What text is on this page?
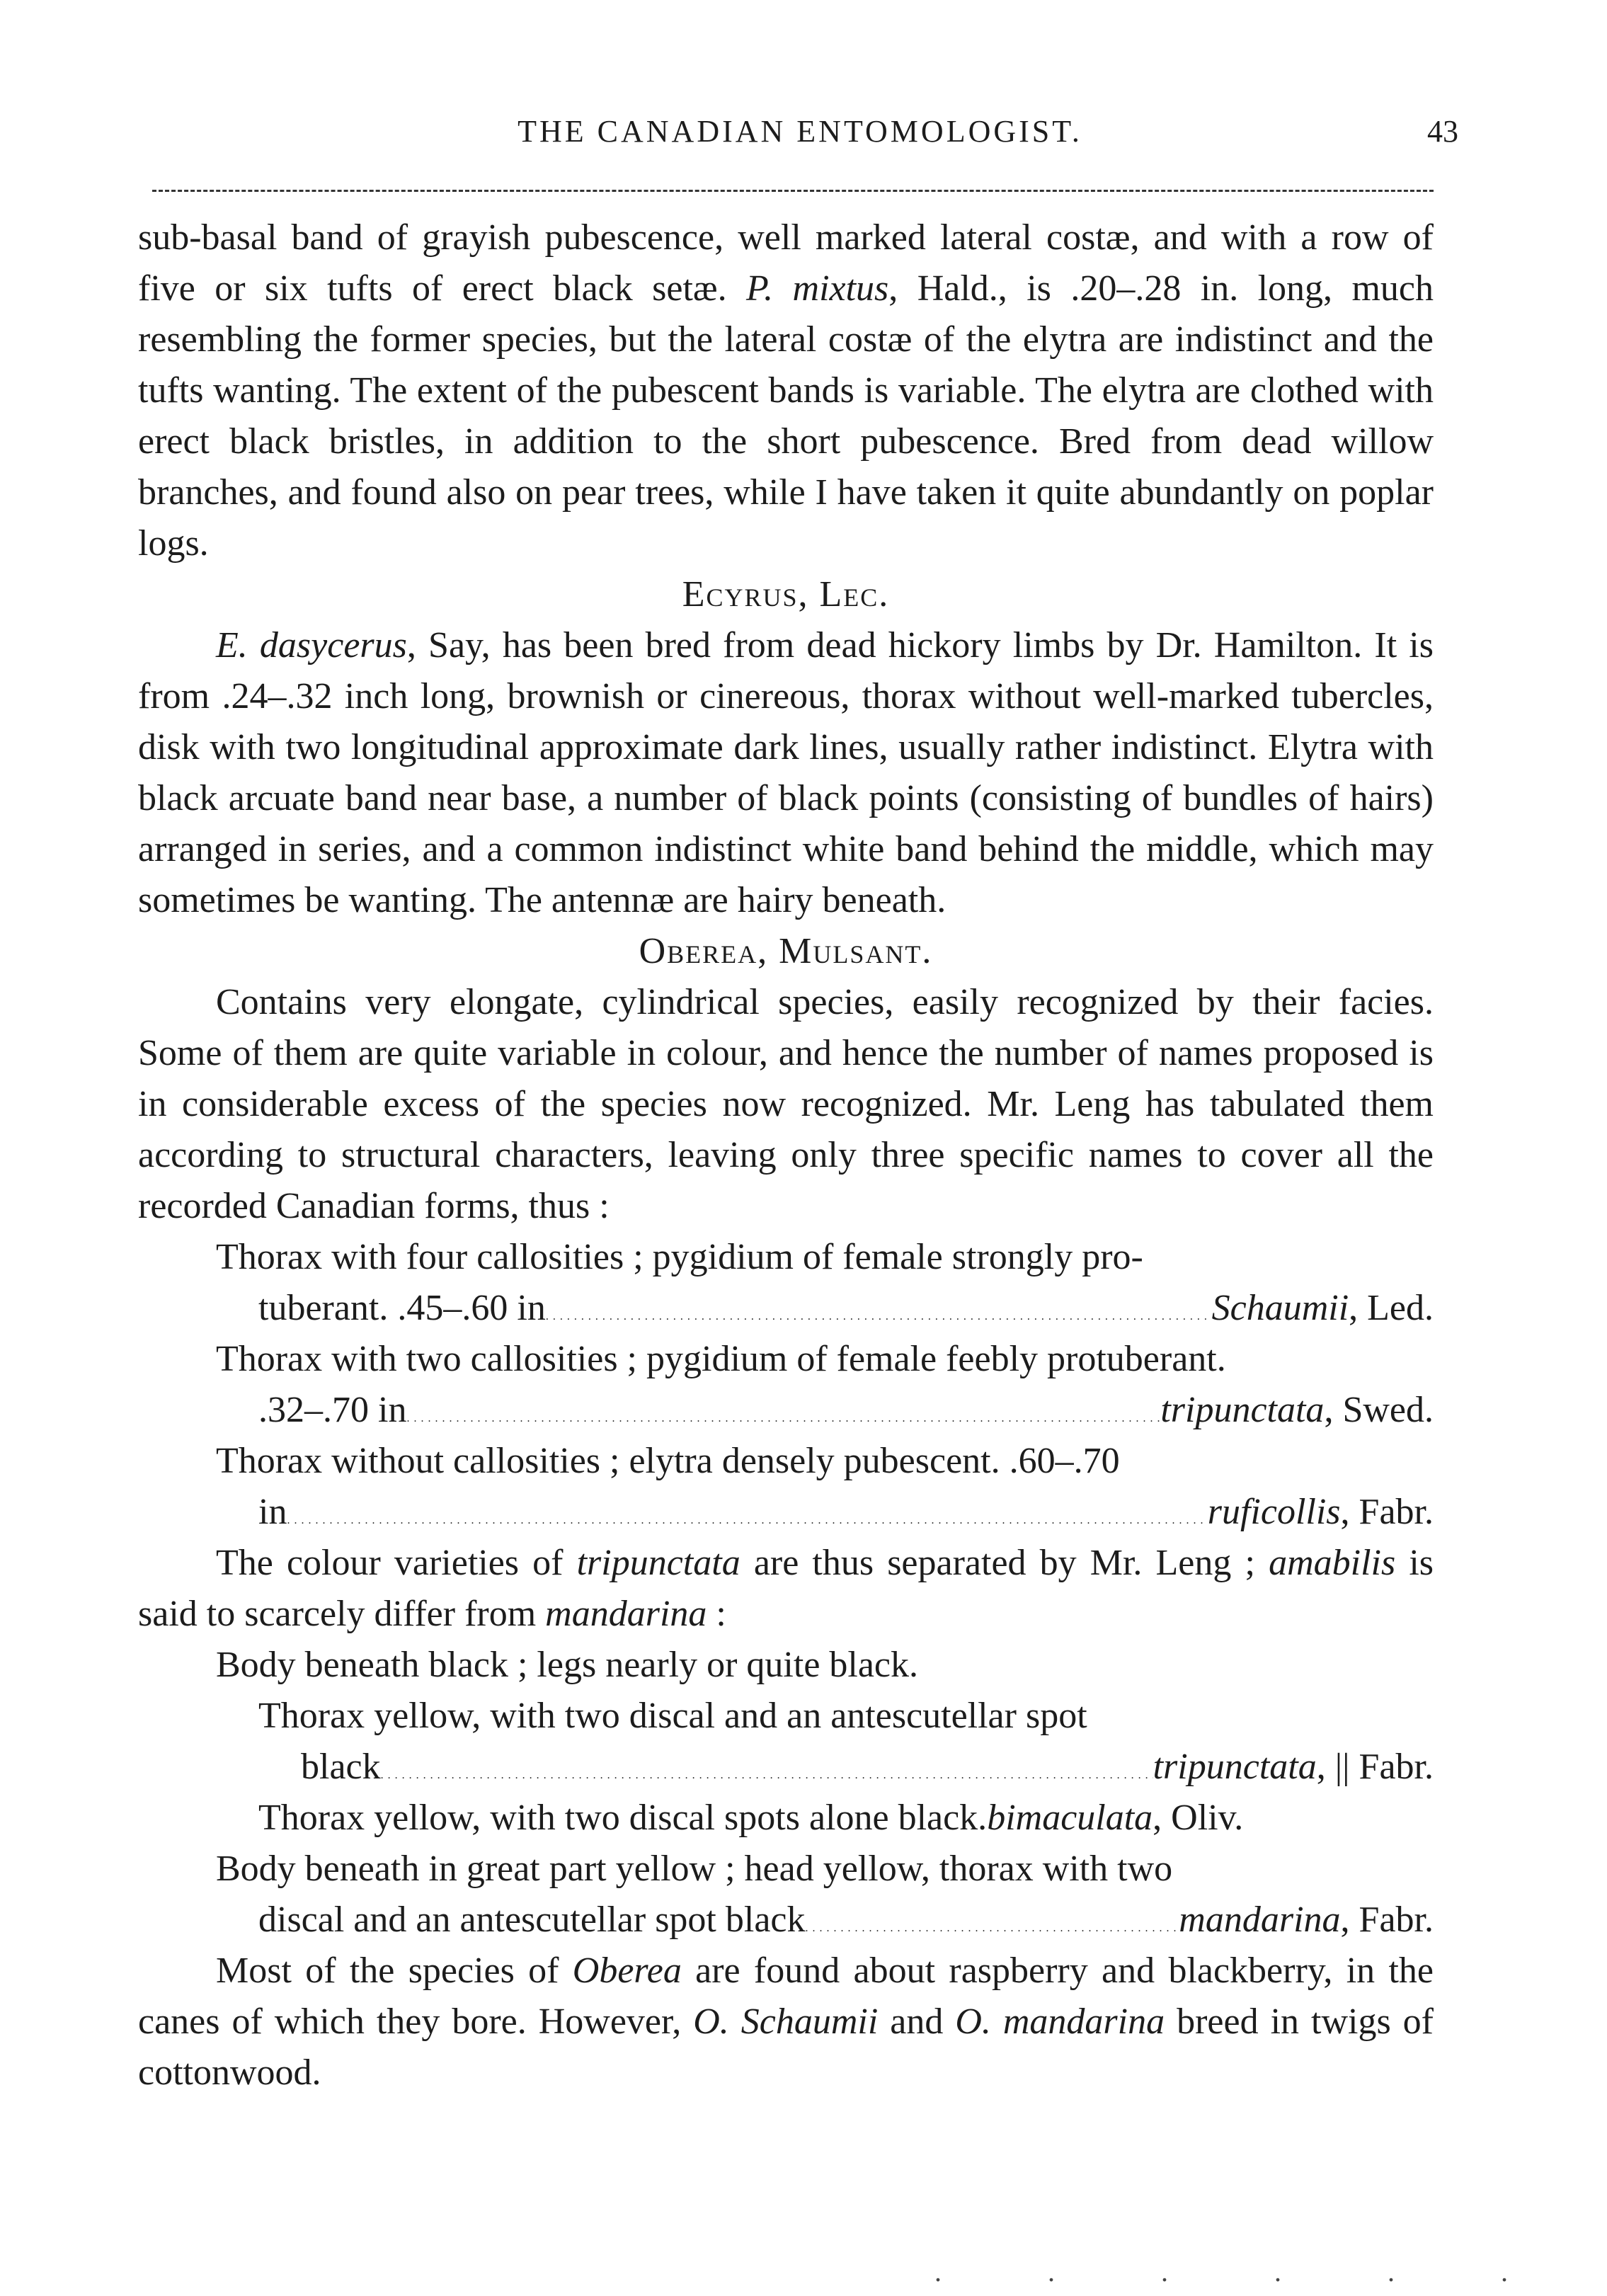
THE CANADIAN ENTOMOLOGIST.	43

sub-basal band of grayish pubescence, well marked lateral costæ, and with a row of five or six tufts of erect black setæ. P. mixtus, Hald., is .20–.28 in. long, much resembling the former species, but the lateral costæ of the elytra are indistinct and the tufts wanting. The extent of the pubescent bands is variable. The elytra are clothed with erect black bristles, in addition to the short pubescence. Bred from dead willow branches, and found also on pear trees, while I have taken it quite abundantly on poplar logs.

Ecyrus, Lec.

E. dasycerus, Say, has been bred from dead hickory limbs by Dr. Hamilton. It is from .24–.32 inch long, brownish or cinereous, thorax without well-marked tubercles, disk with two longitudinal approximate dark lines, usually rather indistinct. Elytra with black arcuate band near base, a number of black points (consisting of bundles of hairs) arranged in series, and a common indistinct white band behind the middle, which may sometimes be wanting. The antennæ are hairy beneath.

Oberea, Mulsant.

Contains very elongate, cylindrical species, easily recognized by their facies. Some of them are quite variable in colour, and hence the number of names proposed is in considerable excess of the species now recognized. Mr. Leng has tabulated them according to structural characters, leaving only three specific names to cover all the recorded Canadian forms, thus :

Thorax with four callosities ; pygidium of female strongly pro-

tuberant. .45–.60 in .....	Schaumii, Led.

Thorax with two callosities ; pygidium of female feebly protuberant.

.32–.70 in .....	tripunctata, Swed.

Thorax without callosities ; elytra densely pubescent. .60–.70

in .....	ruficollis, Fabr.

The colour varieties of tripunctata are thus separated by Mr. Leng ; amabilis is said to scarcely differ from mandarina :

Body beneath black ; legs nearly or quite black.

Thorax yellow, with two discal and an antescutellar spot

black .....	tripunctata, || Fabr.

Thorax yellow, with two discal spots alone black. bimaculata, Oliv.

Body beneath in great part yellow ; head yellow, thorax with two

discal and an antescutellar spot black .....	mandarina, Fabr.

Most of the species of Oberea are found about raspberry and blackberry, in the canes of which they bore. However, O. Schaumii and O. mandarina breed in twigs of cottonwood.

. . . . . .
